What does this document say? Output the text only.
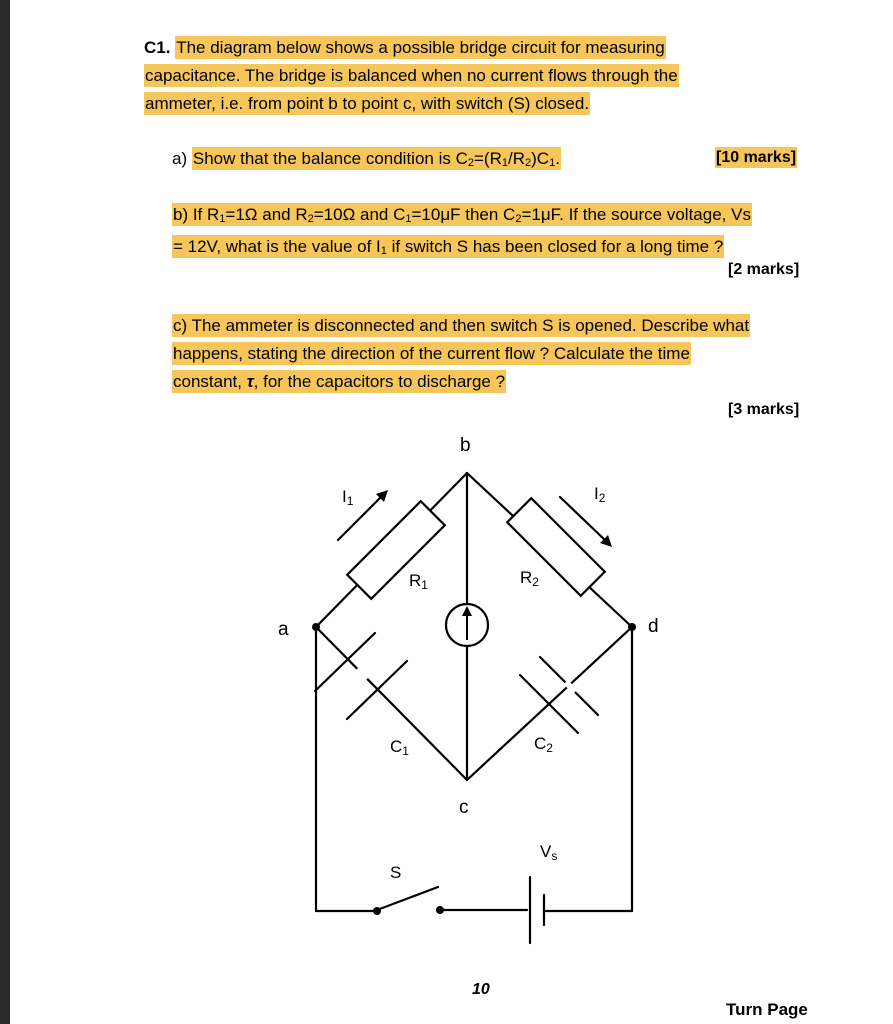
C1. The diagram below shows a possible bridge circuit for measuring
capacitance. The bridge is balanced when no current flows through the
ammeter, i.e. from point b to point c, with switch (S) closed.
a) Show that the balance condition is $C_2=(R_1/R_2)C_1$.	[10 marks]
b) If $R_1=1\Omega$ and $R_2=10\Omega$ and $C_1=10\mu F$ then $C_2=1\mu F$. If the source voltage, Vs
= 12V, what is the value of $I_1$ if switch S has been closed for a long time ?
[2 marks]
c) The ammeter is disconnected and then switch S is opened. Describe what
happens, stating the direction of the current flow ? Calculate the time
constant, τ, for the capacitors to discharge ?
[3 marks]
b
a	d
c
I1	I2
R1	R2
C1	C2
S
Vs
10
Turn Page
